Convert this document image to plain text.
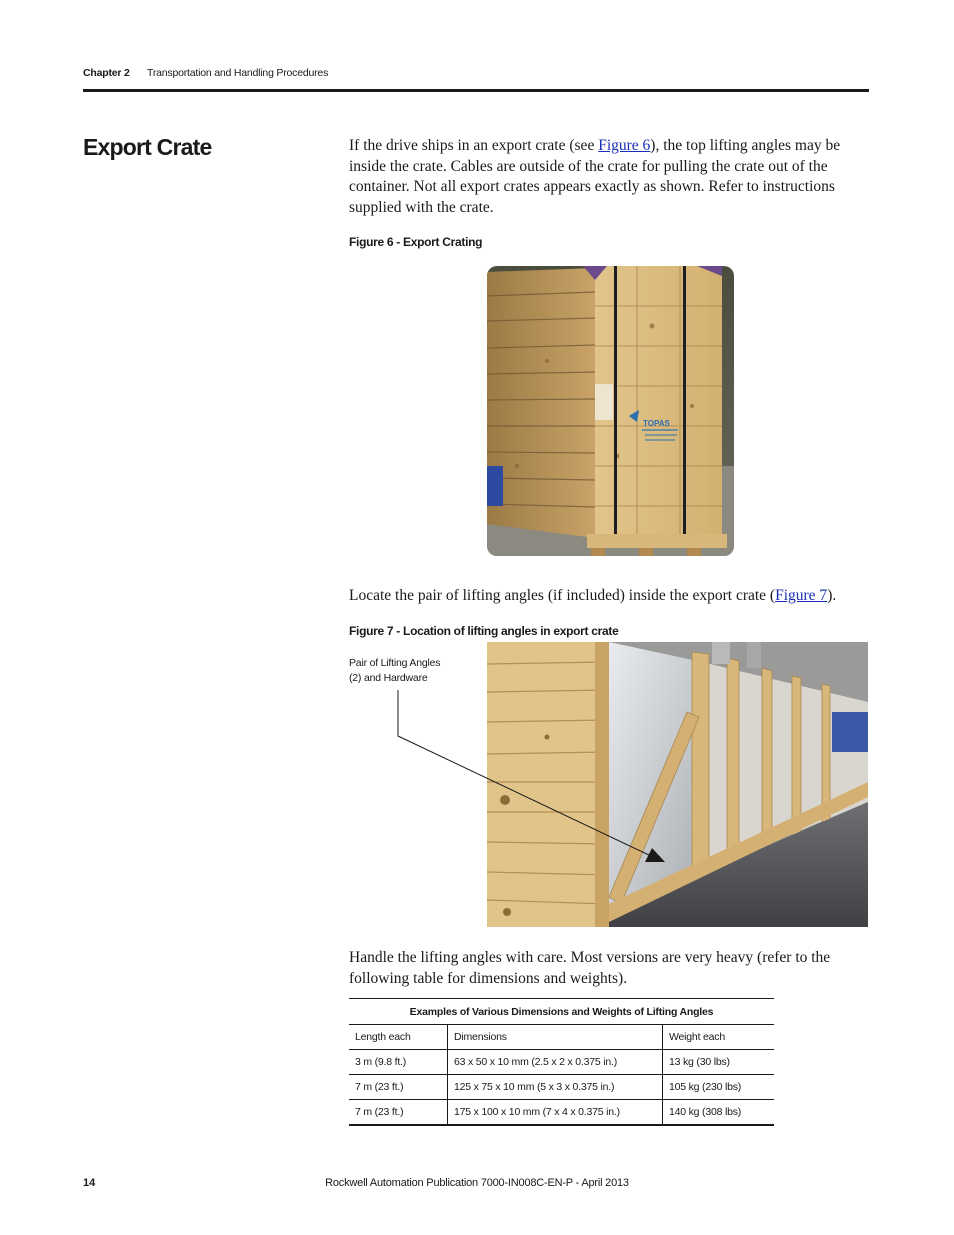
Chapter 2 Transportation and Handling Procedures
Export Crate	If the drive ships in an export crate (see Figure 6), the top lifting angles may be inside the crate. Cables are outside of the crate for pulling the crate out of the container. Not all export crates appears exactly as shown. Refer to instructions supplied with the crate.
Figure 6 - Export Crating
TOPAS
Locate the pair of lifting angles (if included) inside the export crate (Figure 7).
Figure 7 - Location of lifting angles in export crate
Pair of Lifting Angles
(2) and Hardware
Handle the lifting angles with care. Most versions are very heavy (refer to the following table for dimensions and weights).
Examples of Various Dimensions and Weights of Lifting Angles		
Length each	Dimensions	Weight each
3 m (9.8 ft.)	63 x 50 x 10 mm (2.5 x 2 x 0.375 in.)	13 kg (30 lbs)
7 m (23 ft.)	125 x 75 x 10 mm (5 x 3 x 0.375 in.)	105 kg (230 lbs)
7 m (23 ft.)	175 x 100 x 10 mm (7 x 4 x 0.375 in.)	140 kg (308 lbs)
14	Rockwell Automation Publication 7000-IN008C-EN-P - April 2013
